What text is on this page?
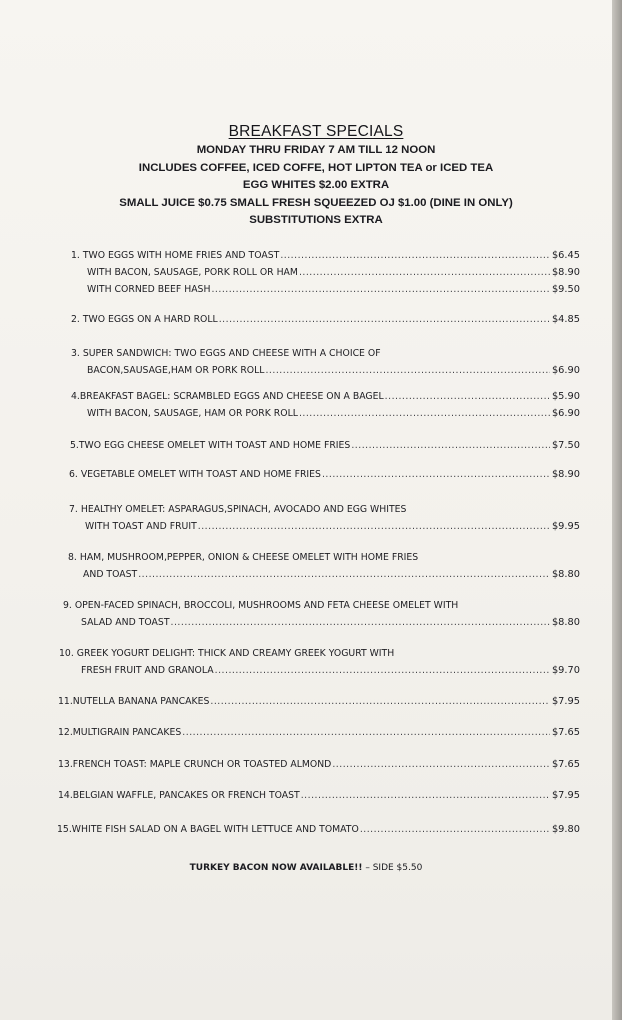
BREAKFAST SPECIALS
MONDAY THRU FRIDAY 7 AM TILL 12 NOON
INCLUDES COFFEE, ICED COFFE, HOT LIPTON TEA or ICED TEA
EGG WHITES $2.00 EXTRA
SMALL JUICE $0.75 SMALL FRESH SQUEEZED OJ $1.00 (DINE IN ONLY)
SUBSTITUTIONS EXTRA
1. TWO EGGS WITH HOME FRIES AND TOAST .....	$6.45
WITH BACON, SAUSAGE, PORK ROLL OR HAM .....	$8.90
WITH CORNED BEEF HASH .....	$9.50
2. TWO EGGS ON A HARD ROLL .....	$4.85
3. SUPER SANDWICH: TWO EGGS AND CHEESE WITH A CHOICE OF
BACON,SAUSAGE,HAM OR PORK ROLL .....	$6.90
4.BREAKFAST BAGEL: SCRAMBLED EGGS AND CHEESE ON A BAGEL .....	$5.90
WITH BACON, SAUSAGE, HAM OR PORK ROLL .....	$6.90
5.TWO EGG CHEESE OMELET WITH TOAST AND HOME FRIES .....	$7.50
6. VEGETABLE OMELET WITH TOAST AND HOME FRIES .....	$8.90
7. HEALTHY OMELET: ASPARAGUS,SPINACH, AVOCADO AND EGG WHITES
WITH TOAST AND FRUIT .....	$9.95
8. HAM, MUSHROOM,PEPPER, ONION & CHEESE OMELET WITH HOME FRIES
AND TOAST .....	$8.80
9. OPEN-FACED SPINACH, BROCCOLI, MUSHROOMS AND FETA CHEESE OMELET WITH
SALAD AND TOAST .....	$8.80
10. GREEK YOGURT DELIGHT: THICK AND CREAMY GREEK YOGURT WITH
FRESH FRUIT AND GRANOLA .....	$9.70
11.NUTELLA BANANA PANCAKES .....	$7.95
12.MULTIGRAIN PANCAKES .....	$7.65
13.FRENCH TOAST: MAPLE CRUNCH OR TOASTED ALMOND .....	$7.65
14.BELGIAN WAFFLE, PANCAKES OR FRENCH TOAST .....	$7.95
15.WHITE FISH SALAD ON A BAGEL WITH LETTUCE AND TOMATO .....	$9.80
TURKEY BACON NOW AVAILABLE!! – SIDE $5.50
